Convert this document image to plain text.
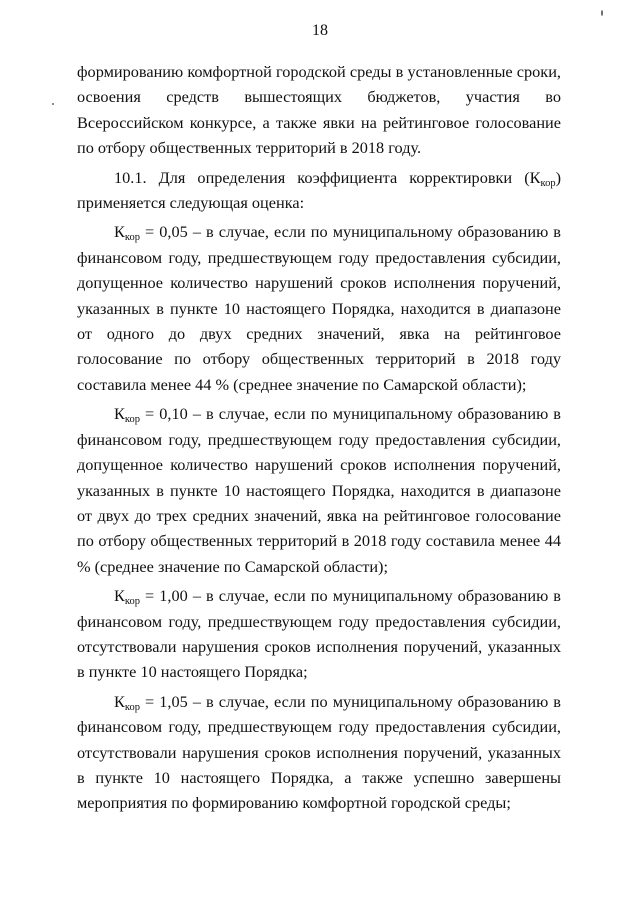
18

формированию комфортной городской среды в установленные сроки, освоения средств вышестоящих бюджетов, участия во Всероссийском конкурсе, а также явки на рейтинговое голосование по отбору общественных территорий в 2018 году.

10.1. Для определения коэффициента корректировки $(К_{кор})$ применяется следующая оценка:

$К_{кор} = 0,05 - в$ случае, если по муниципальному образованию в финансовом году, предшествующем году предоставления субсидии, допущенное количество нарушений сроков исполнения поручений, указанных в пункте 10 настоящего Порядка, находится в диапазоне от одного до двух средних значений, явка на рейтинговое голосование по отбору общественных территорий в 2018 году составила менее 44 % (среднее значение по Самарской области);

$К_{кор} = 0,10 - в$ случае, если по муниципальному образованию в финансовом году, предшествующем году предоставления субсидии, допущенное количество нарушений сроков исполнения поручений, указанных в пункте 10 настоящего Порядка, находится в диапазоне от двух до трех средних значений, явка на рейтинговое голосование по отбору общественных территорий в 2018 году составила менее 44 % (среднее значение по Самарской области);

$К_{кор} = 1,00 - в$ случае, если по муниципальному образованию в финансовом году, предшествующем году предоставления субсидии, отсутствовали нарушения сроков исполнения поручений, указанных в пункте 10 настоящего Порядка;

$К_{кор} = 1,05 - в$ случае, если по муниципальному образованию в финансовом году, предшествующем году предоставления субсидии, отсутствовали нарушения сроков исполнения поручений, указанных в пункте 10 настоящего Порядка, а также успешно завершены мероприятия по формированию комфортной городской среды;
